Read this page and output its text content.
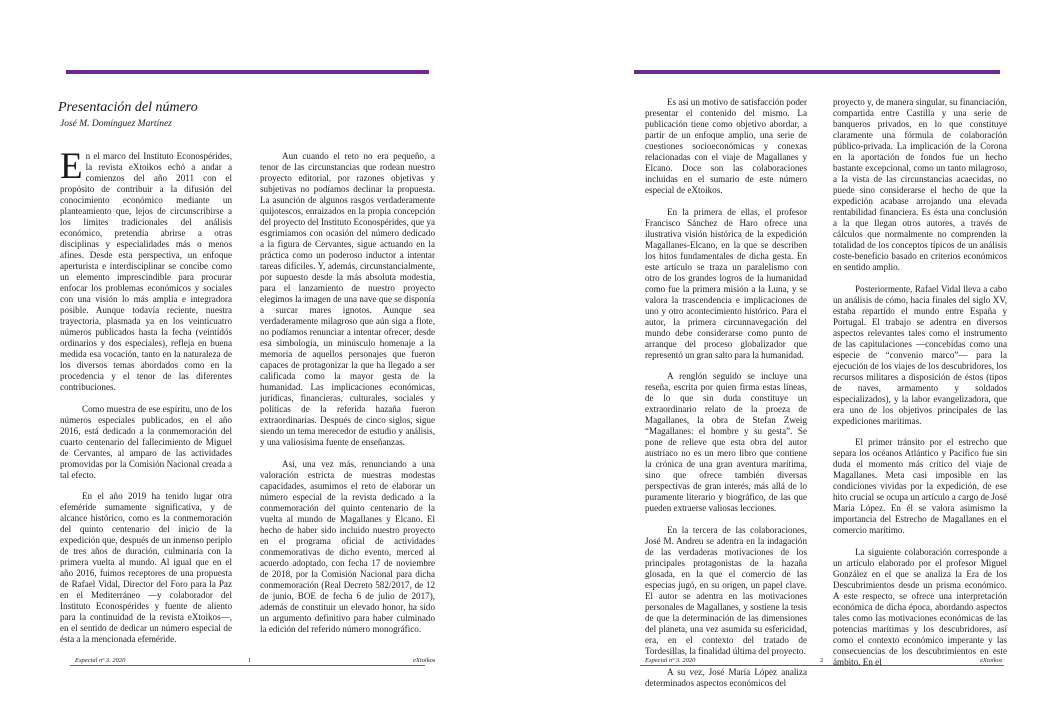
Presentación del número
José M. Domínguez Martínez

En el marco del Instituto Econospérides, la revista eXtoikos echó a andar a comienzos del año 2011 con el propósito de contribuir a la difusión del conocimiento económico mediante un planteamiento que, lejos de circunscribirse a los límites tradicionales del análisis económico, pretendía abrirse a otras disciplinas y especialidades más o menos afines. Desde esta perspectiva, un enfoque aperturista e interdisciplinar se concibe como un elemento imprescindible para procurar enfocar los problemas económicos y sociales con una visión lo más amplia e integradora posible. Aunque todavía reciente, nuestra trayectoria, plasmada ya en los veinticuatro números publicados hasta la fecha (veintidós ordinarios y dos especiales), refleja en buena medida esa vocación, tanto en la naturaleza de los diversos temas abordados como en la procedencia y el tenor de las diferentes contribuciones.

Como muestra de ese espíritu, uno de los números especiales publicados, en el año 2016, está dedicado a la conmemoración del cuarto centenario del fallecimiento de Miguel de Cervantes, al amparo de las actividades promovidas por la Comisión Nacional creada a tal efecto.

En el año 2019 ha tenido lugar otra efeméride sumamente significativa, y de alcance histórico, como es la conmemoración del quinto centenario del inicio de la expedición que, después de un inmenso periplo de tres años de duración, culminaría con la primera vuelta al mundo. Al igual que en el año 2016, fuimos receptores de una propuesta de Rafael Vidal, Director del Foro para la Paz en el Mediterráneo —y colaborador del Instituto Econospérides y fuente de aliento para la continuidad de la revista eXtoikos—, en el sentido de dedicar un número especial de ésta a la mencionada efeméride.

Aun cuando el reto no era pequeño, a tenor de las circunstancias que rodean nuestro proyecto editorial, por razones objetivas y subjetivas no podíamos declinar la propuesta. La asunción de algunos rasgos verdaderamente quijotescos, enraizados en la propia concepción del proyecto del Instituto Econospérides, que ya esgrimíamos con ocasión del número dedicado a la figura de Cervantes, sigue actuando en la práctica como un poderoso inductor a intentar tareas difíciles. Y, además, circunstancialmente, por supuesto desde la más absoluta modestia, para el lanzamiento de nuestro proyecto elegimos la imagen de una nave que se disponía a surcar mares ignotos. Aunque sea verdaderamente milagroso que aún siga a flote, no podíamos renunciar a intentar ofrecer, desde esa simbología, un minúsculo homenaje a la memoria de aquellos personajes que fueron capaces de protagonizar la que ha llegado a ser calificada como la mayor gesta de la humanidad. Las implicaciones económicas, jurídicas, financieras, culturales, sociales y políticas de la referida hazaña fueron extraordinarias. Después de cinco siglos, sigue siendo un tema merecedor de estudio y análisis, y una valiosísima fuente de enseñanzas.

Así, una vez más, renunciando a una valoración estricta de nuestras modestas capacidades, asumimos el reto de elaborar un número especial de la revista dedicado a la conmemoración del quinto centenario de la vuelta al mundo de Magallanes y Elcano. El hecho de haber sido incluido nuestro proyecto en el programa oficial de actividades conmemorativas de dicho evento, merced al acuerdo adoptado, con fecha 17 de noviembre de 2018, por la Comisión Nacional para dicha conmemoración (Real Decreto 582/2017, de 12 de junio, BOE de fecha 6 de julio de 2017), además de constituir un elevado honor, ha sido un argumento definitivo para haber culminado la edición del referido número monográfico.

Especial nº 3. 2020	1	eXtoikos

Es así un motivo de satisfacción poder presentar el contenido del mismo. La publicación tiene como objetivo abordar, a partir de un enfoque amplio, una serie de cuestiones socioeconómicas y conexas relacionadas con el viaje de Magallanes y Elcano. Doce son las colaboraciones incluidas en el sumario de este número especial de eXtoikos.

En la primera de ellas, el profesor Francisco Sánchez de Haro ofrece una ilustrativa visión histórica de la expedición Magallanes-Elcano, en la que se describen los hitos fundamentales de dicha gesta. En este artículo se traza un paralelismo con otro de los grandes logros de la humanidad como fue la primera misión a la Luna, y se valora la trascendencia e implicaciones de uno y otro acontecimiento histórico. Para el autor, la primera circunnavegación del mundo debe considerarse como punto de arranque del proceso globalizador que representó un gran salto para la humanidad.

A renglón seguido se incluye una reseña, escrita por quien firma estas líneas, de lo que sin duda constituye un extraordinario relato de la proeza de Magallanes, la obra de Stefan Zweig “Magallanes: el hombre y su gesta”. Se pone de relieve que esta obra del autor austríaco no es un mero libro que contiene la crónica de una gran aventura marítima, sino que ofrece también diversas perspectivas de gran interés, más allá de lo puramente literario y biográfico, de las que pueden extraerse valiosas lecciones.

En la tercera de las colaboraciones, José M. Andreu se adentra en la indagación de las verdaderas motivaciones de los principales protagonistas de la hazaña glosada, en la que el comercio de las especias jugó, en su origen, un papel clave. El autor se adentra en las motivaciones personales de Magallanes, y sostiene la tesis de que la determinación de las dimensiones del planeta, una vez asumida su esfericidad, era, en el contexto del tratado de Tordesillas, la finalidad última del proyecto.

A su vez, José María López analiza determinados aspectos económicos del

proyecto y, de manera singular, su financiación, compartida entre Castilla y una serie de banqueros privados, en lo que constituye claramente una fórmula de colaboración público-privada. La implicación de la Corona en la aportación de fondos fue un hecho bastante excepcional, como un tanto milagroso, a la vista de las circunstancias acaecidas, no puede sino considerarse el hecho de que la expedición acabase arrojando una elevada rentabilidad financiera. Es ésta una conclusión a la que llegan otros autores, a través de cálculos que normalmente no comprenden la totalidad de los conceptos típicos de un análisis coste-beneficio basado en criterios económicos en sentido amplio.

Posteriormente, Rafael Vidal lleva a cabo un análisis de cómo, hacia finales del siglo XV, estaba repartido el mundo entre España y Portugal. El trabajo se adentra en diversos aspectos relevantes tales como el instrumento de las capitulaciones —concebidas como una especie de “convenio marco”— para la ejecución de los viajes de los descubridores, los recursos militares a disposición de éstos (tipos de naves, armamento y soldados especializados), y la labor evangelizadora, que era uno de los objetivos principales de las expediciones marítimas.

El primer tránsito por el estrecho que separa los océanos Atlántico y Pacífico fue sin duda el momento más crítico del viaje de Magallanes. Meta casi imposible en las condiciones vividas por la expedición, de ese hito crucial se ocupa un artículo a cargo de José María López. En él se valora asimismo la importancia del Estrecho de Magallanes en el comercio marítimo.

La siguiente colaboración corresponde a un artículo elaborado por el profesor Miguel González en el que se analiza la Era de los Descubrimientos desde un prisma económico. A este respecto, se ofrece una interpretación económica de dicha época, abordando aspectos tales como las motivaciones económicas de las potencias marítimas y los descubridores, así como el contexto económico imperante y las consecuencias de los descubrimientos en este ámbito. En el

Especial nº 3. 2020	2	eXtoikos
